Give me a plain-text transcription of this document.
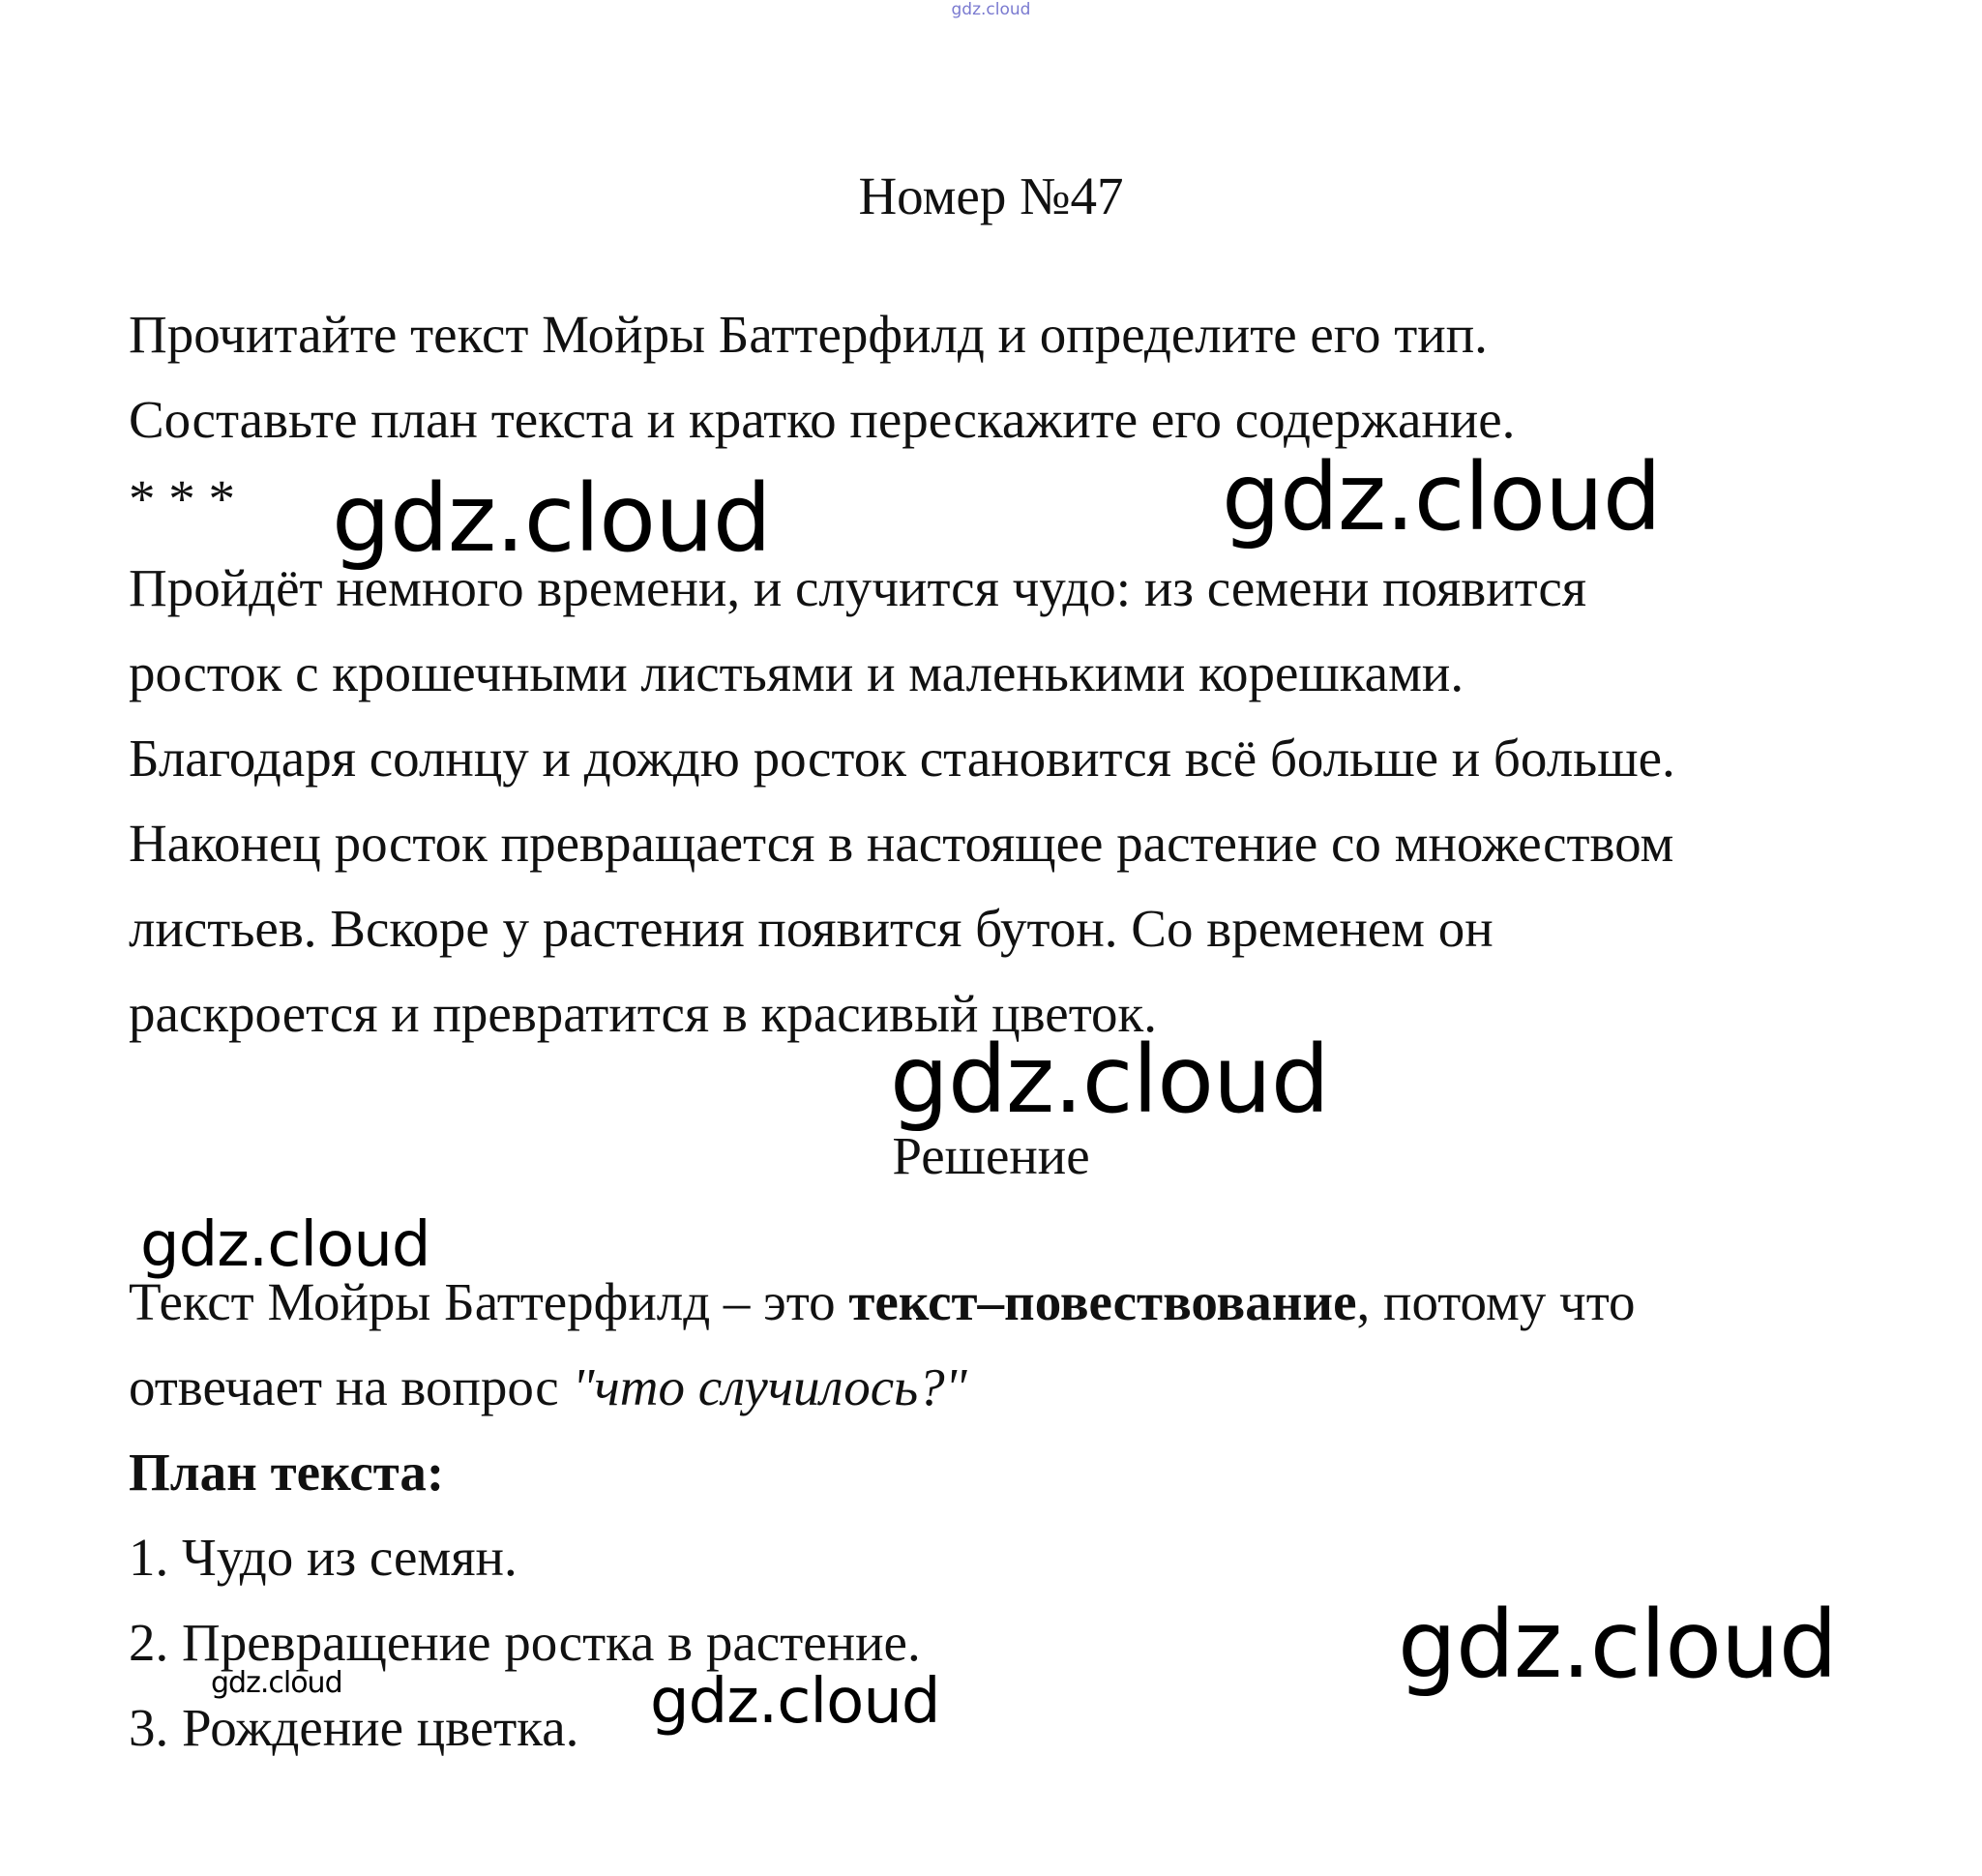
gdz.cloud

Номер №47

Прочитайте текст Мойры Баттерфилд и определите его тип.

Составьте план текста и кратко перескажите его содержание.

* * *

Пройдёт немного времени, и случится чудо: из семени появится

росток с крошечными листьями и маленькими корешками.

Благодаря солнцу и дождю росток становится всё больше и больше.

Наконец росток превращается в настоящее растение со множеством

листьев. Вскоре у растения появится бутон. Со временем он

раскроется и превратится в красивый цветок.

Решение

Текст Мойры Баттерфилд – это текст–повествование, потому что

отвечает на вопрос "что случилось?"

План текста:

1. Чудо из семян.

2. Превращение ростка в растение.

3. Рождение цветка.

gdz.cloud	gdz.cloud
gdz.cloud
gdz.cloud
gdz.cloud
gdz.cloud	gdz.cloud
